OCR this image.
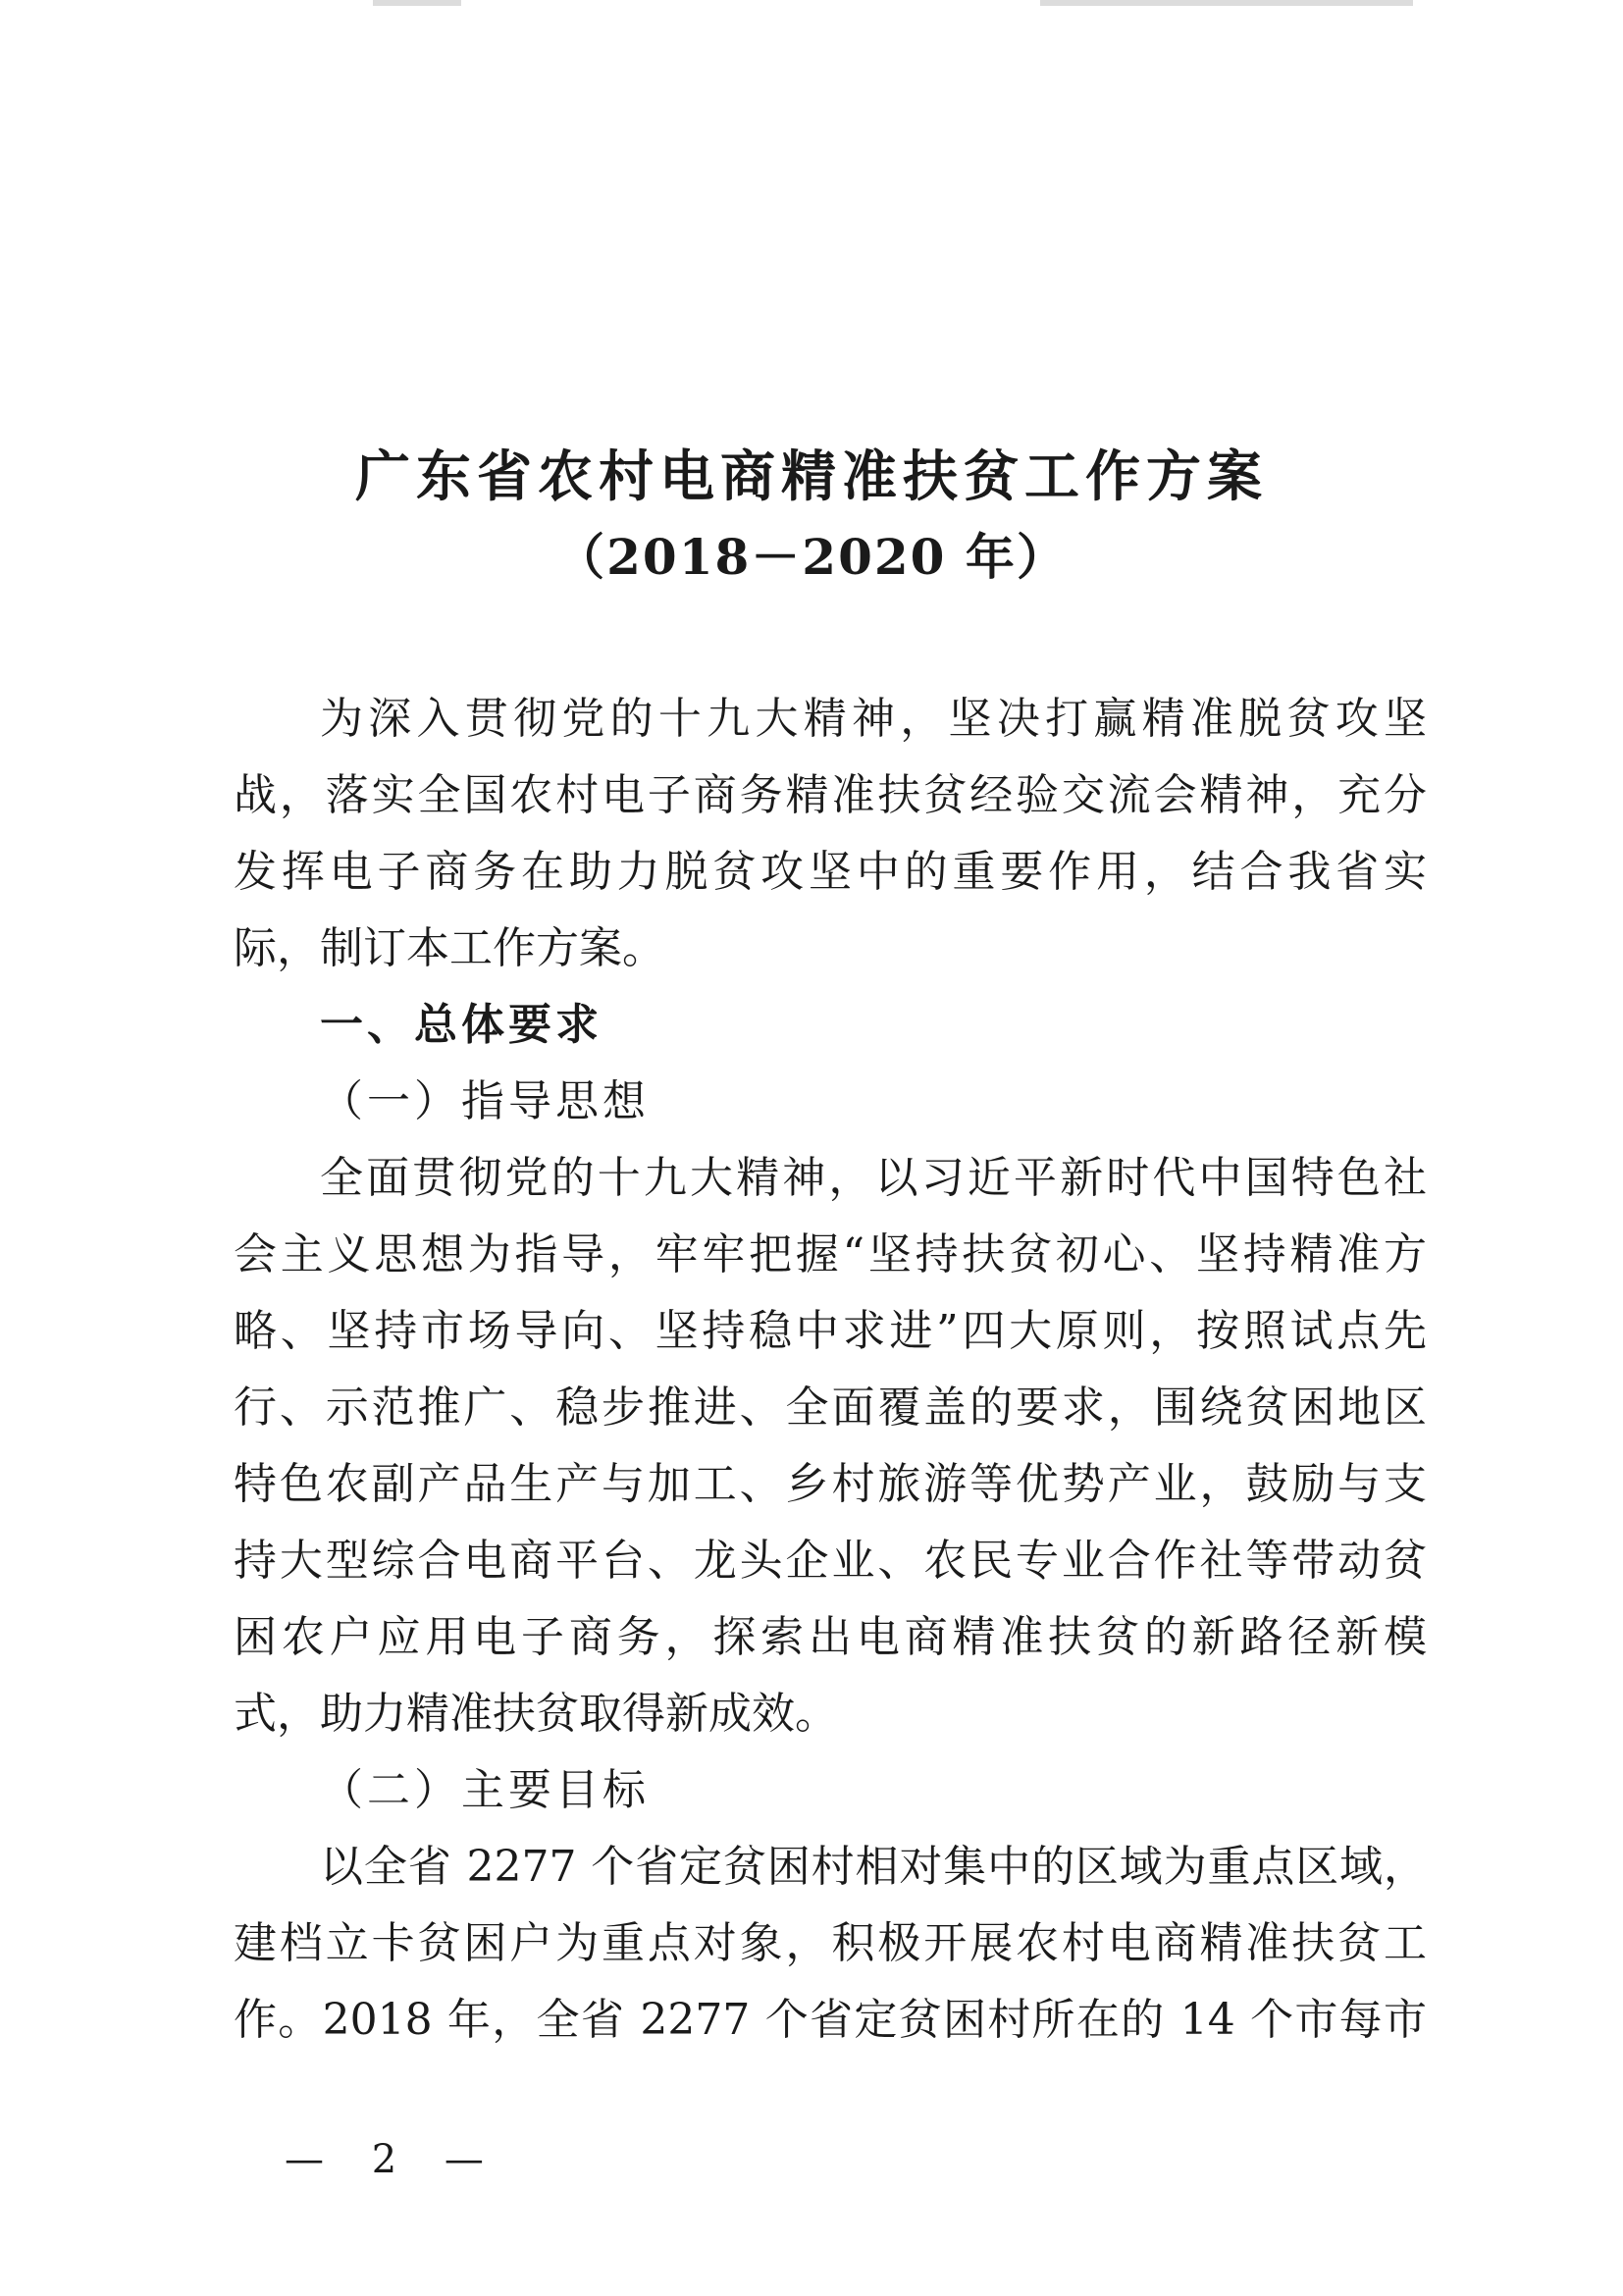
广东省农村电商精准扶贫工作方案
（2018－2020 年）
为深入贯彻党的十九大精神，坚决打赢精准脱贫攻坚
战，落实全国农村电子商务精准扶贫经验交流会精神，充分
发挥电子商务在助力脱贫攻坚中的重要作用，结合我省实
际，制订本工作方案。
一、总体要求
（一）指导思想
全面贯彻党的十九大精神，以习近平新时代中国特色社
会主义思想为指导，牢牢把握“坚持扶贫初心、坚持精准方
略、坚持市场导向、坚持稳中求进”四大原则，按照试点先
行、示范推广、稳步推进、全面覆盖的要求，围绕贫困地区
特色农副产品生产与加工、乡村旅游等优势产业，鼓励与支
持大型综合电商平台、龙头企业、农民专业合作社等带动贫
困农户应用电子商务，探索出电商精准扶贫的新路径新模
式，助力精准扶贫取得新成效。
（二）主要目标
以全省 2277 个省定贫困村相对集中的区域为重点区域，
建档立卡贫困户为重点对象，积极开展农村电商精准扶贫工
作。2018 年，全省 2277 个省定贫困村所在的 14 个市每市
— 2 —
